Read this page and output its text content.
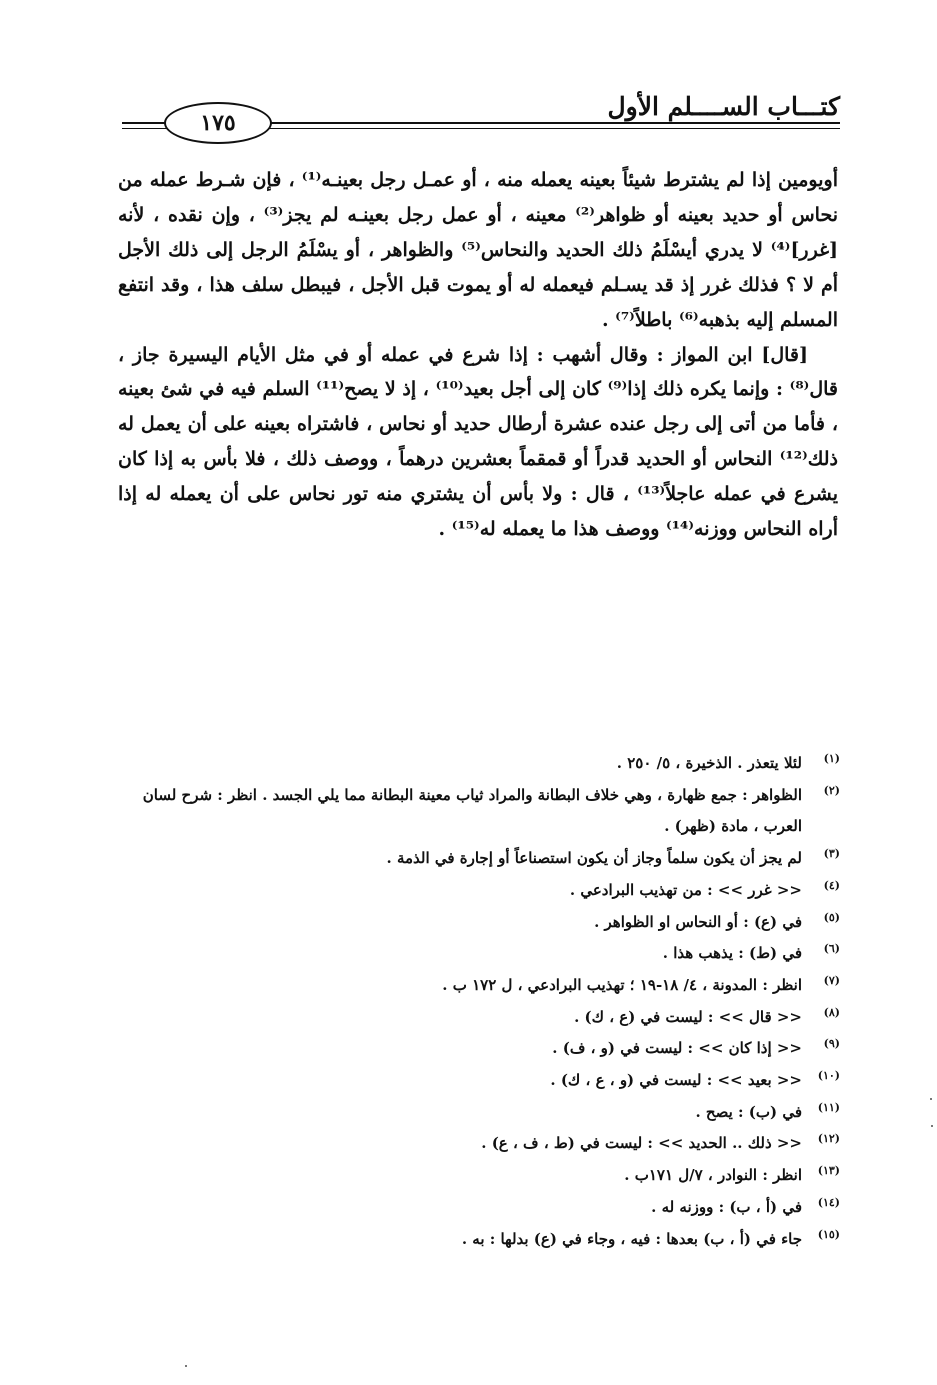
كتـــاب الســــلم الأول
١٧٥

أويومين إذا لم يشترط شيئاً بعينه يعمله منه ، أو عمـل رجل بعينـه⁽¹⁾ ، فإن شـرط عمله من نحاس أو حديد بعينه أو ظواهر⁽²⁾ معينه ، أو عمل رجل بعينـه لم يجز⁽³⁾ ، وإن نقده ، لأنه [غرر]⁽⁴⁾ لا يدري أيسْلَمُ ذلك الحديد والنحاس⁽⁵⁾ والظواهر ، أو يسْلَمُ الرجل إلى ذلك الأجل أم لا ؟ فذلك غرر إذ قد يسـلم فيعمله له أو يموت قبل الأجل ، فيبطل سلف هذا ، وقد انتفع المسلم إليه بذهبه⁽⁶⁾ باطلاً⁽⁷⁾ .

[قال] ابن المواز : وقال أشهب : إذا شرع في عمله أو في مثل الأيام اليسيرة جاز ، قال⁽⁸⁾ : وإنما يكره ذلك إذا⁽⁹⁾ كان إلى أجل بعيد⁽¹⁰⁾ ، إذ لا يصح⁽¹¹⁾ السلم فيه في شئ بعينه ، فأما من أتى إلى رجل عنده عشرة أرطال حديد أو نحاس ، فاشتراه بعينه على أن يعمل له ذلك⁽¹²⁾ النحاس أو الحديد قدراً أو قمقماً بعشرين درهماً ، ووصف ذلك ، فلا بأس به إذا كان يشرع في عمله عاجلاً⁽¹³⁾ ، قال : ولا بأس أن يشتري منه تور نحاس على أن يعمله له إذا أراه النحاس ووزنه⁽¹⁴⁾ ووصف هذا ما يعمله له⁽¹⁵⁾ .

(١)
لئلا يتعذر . الذخيرة ، ٥/ ٢٥٠ .
(٢)
الظواهر : جمع ظهارة ، وهي خلاف البطانة والمراد ثياب معينة البطانة مما يلي الجسد . انظر : شرح لسان العرب ، مادة (ظهر) .
(٣)
لم يجز أن يكون سلماً وجاز أن يكون استصناعاً أو إجارة في الذمة .
(٤)
<< غرر >> : من تهذيب البرادعي .
(٥)
في (ع) : أو النحاس او الظواهر .
(٦)
في (ط) : يذهب هذا .
(٧)
انظر : المدونة ، ٤/ ١٨-١٩ ؛ تهذيب البرادعي ، ل ١٧٢ ب .
(٨)
<< قال >> : ليست في (ع ، ك) .
(٩)
<< إذا كان >> : ليست في (و ، ف) .
(١٠)
<< بعيد >> : ليست في (و ، ع ، ك) .
(١١)
في (ب) : يصح .
(١٢)
<< ذلك .. الحديد >> : ليست في (ط ، ف ، ع) .
(١٣)
انظر : النوادر ، ٧/ل ١٧١ب .
(١٤)
في (أ ، ب) : ووزنه له .
(١٥)
جاء في (أ ، ب) بعدها : فيه ، وجاء في (ع) بدلها : به .
